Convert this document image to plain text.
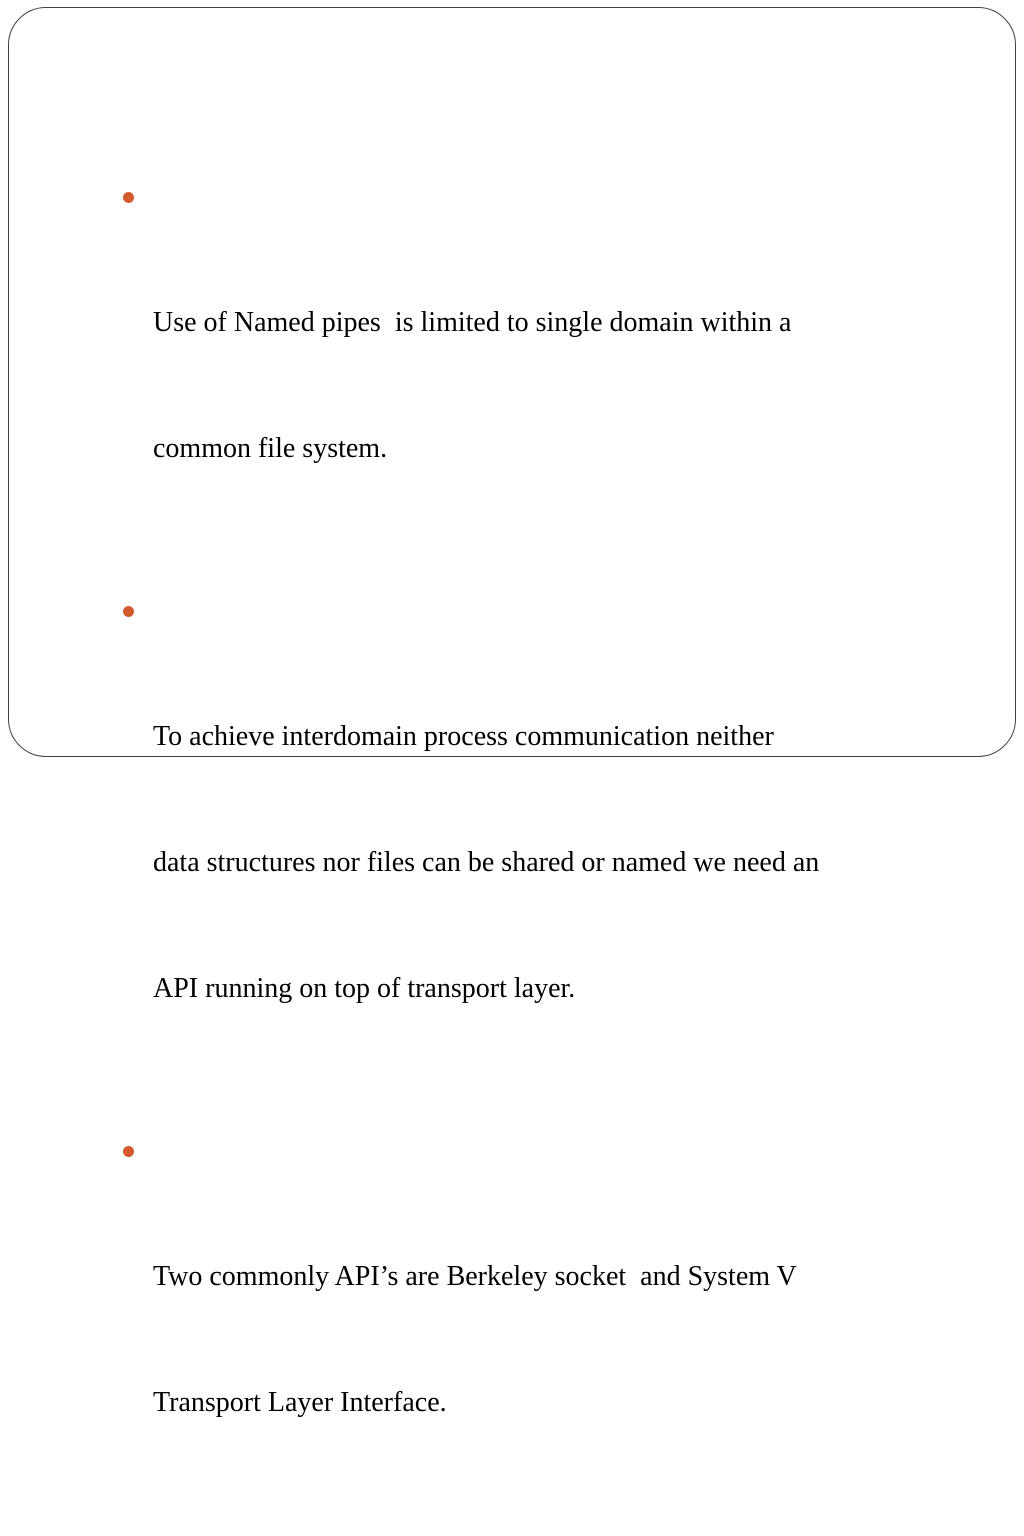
Use of Named pipes  is limited to single domain within a

common file system.

To achieve interdomain process communication neither

data structures nor files can be shared or named we need an

API running on top of transport layer.

Two commonly API’s are Berkeley socket  and System V

Transport Layer Interface.
